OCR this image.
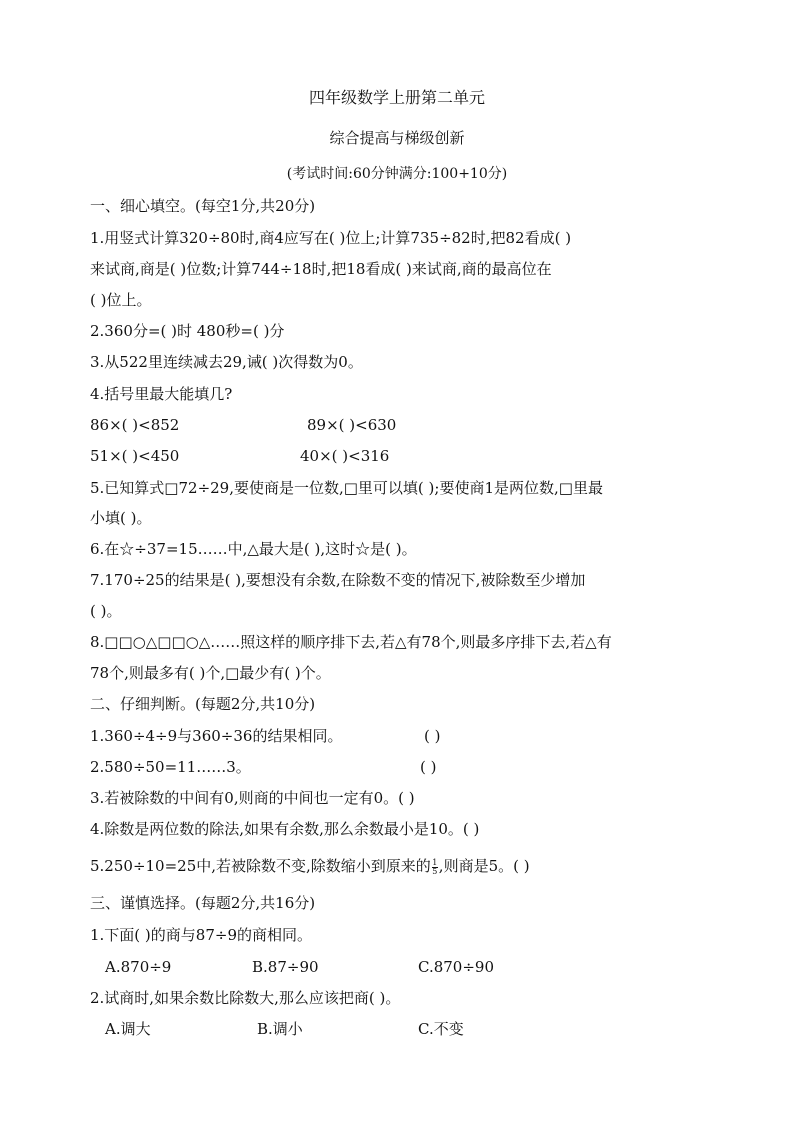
四年级数学上册第二单元
综合提高与梯级创新
(考试时间:60分钟满分:100+10分)
一、细心填空。(每空1分,共20分)
1.用竖式计算320÷80时,商4应写在( )位上;计算735÷82时,把82看成( )
来试商,商是( )位数;计算744÷18时,把18看成( )来试商,商的最高位在
( )位上。
2.360分=( )时 480秒=( )分
3.从522里连续减去29,诫( )次得数为0。
4.括号里最大能填几?
86×( )<852	89×( )<630
51×( )<450	40×( )<316
5.已知算式□72÷29,要使商是一位数,□里可以填( );要使商1是两位数,□里最
小填( )。
6.在☆÷37=15……中,△最大是( ),这时☆是( )。
7.170÷25的结果是( ),要想没有余数,在除数不变的情况下,被除数至少增加
( )。
8.□□○△□□○△……照这样的顺序排下去,若△有78个,则最多序排下去,若△有
78个,则最多有( )个,□最少有( )个。
二、仔细判断。(每题2分,共10分)
1.360÷4÷9与360÷36的结果相同。	( )
2.580÷50=11……3。	( )
3.若被除数的中间有0,则商的中间也一定有0。( )
4.除数是两位数的除法,如果有余数,那么余数最小是10。( )
5.250÷10=25中,若被除数不变,除数缩小到原来的 $\frac{1}{5}$ ,则商是5。( )
三、谨慎选择。(每题2分,共16分)
1.下面( )的商与87÷9的商相同。
A.870÷9	B.87÷90	C.870÷90
2.试商时,如果余数比除数大,那么应该把商( )。
A.调大	B.调小	C.不变
